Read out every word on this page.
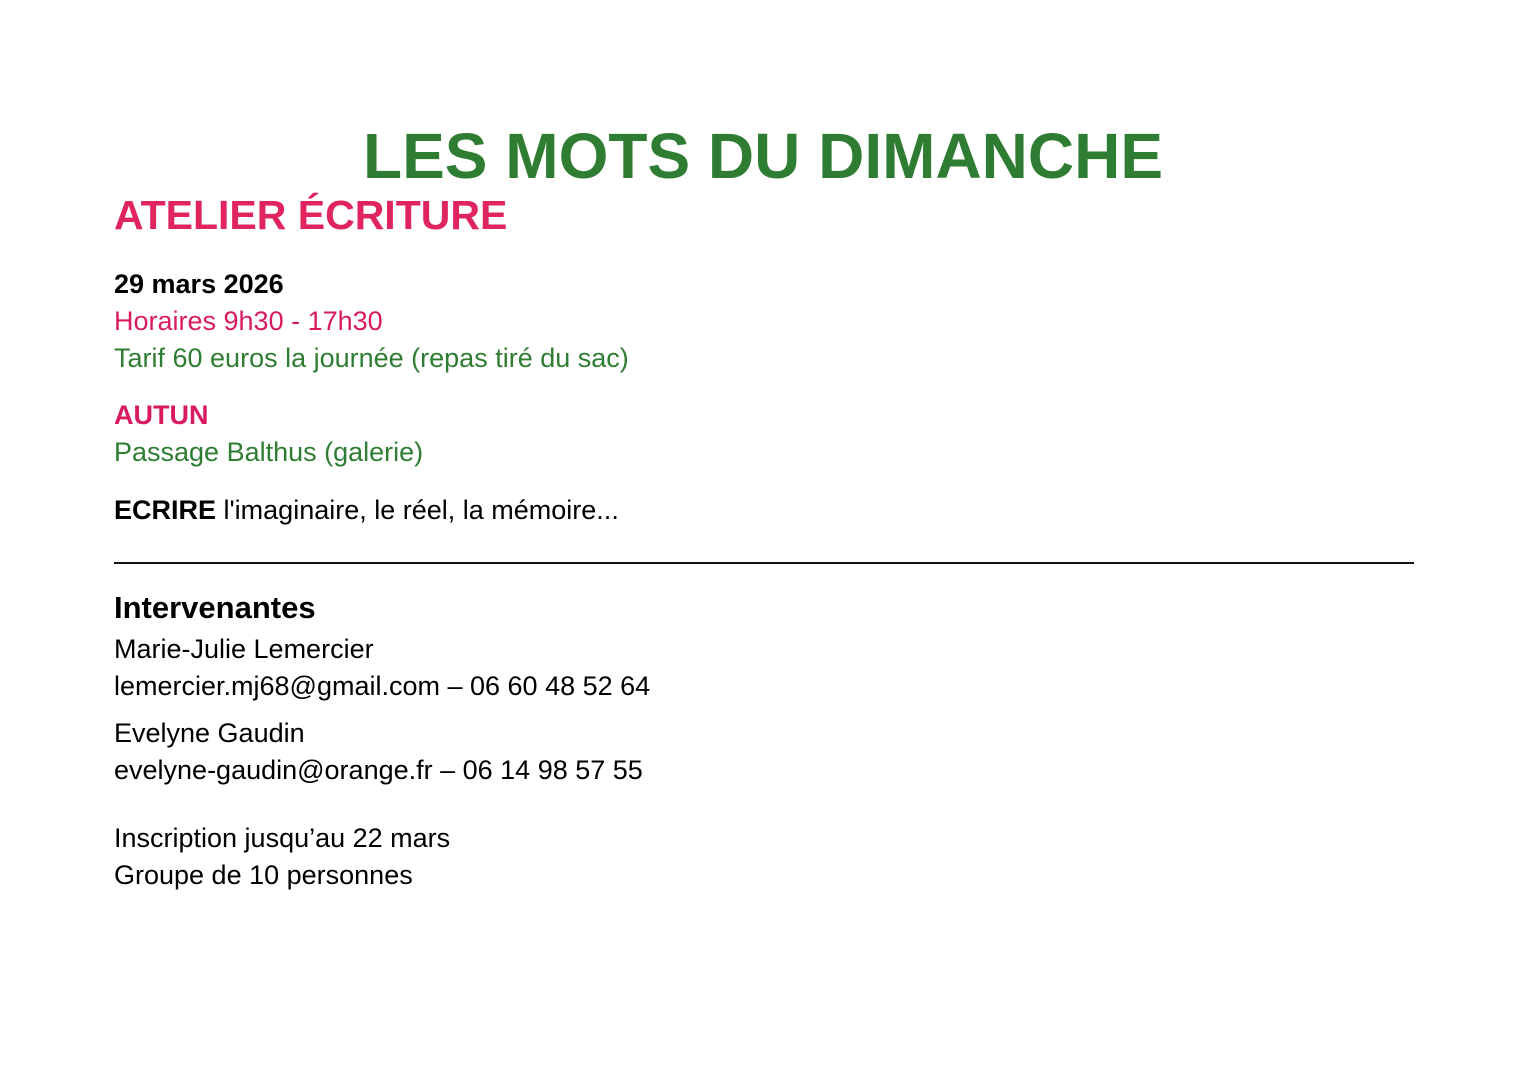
LES MOTS DU DIMANCHE
ATELIER ÉCRITURE
29 mars 2026
Horaires 9h30 - 17h30
Tarif 60 euros la journée (repas tiré du sac)
AUTUN
Passage Balthus (galerie)
ECRIRE l'imaginaire, le réel, la mémoire...
Intervenantes
Marie-Julie Lemercier
lemercier.mj68@gmail.com – 06 60 48 52 64
Evelyne Gaudin
evelyne-gaudin@orange.fr – 06 14 98 57 55
Inscription jusqu’au 22 mars
Groupe de 10 personnes
